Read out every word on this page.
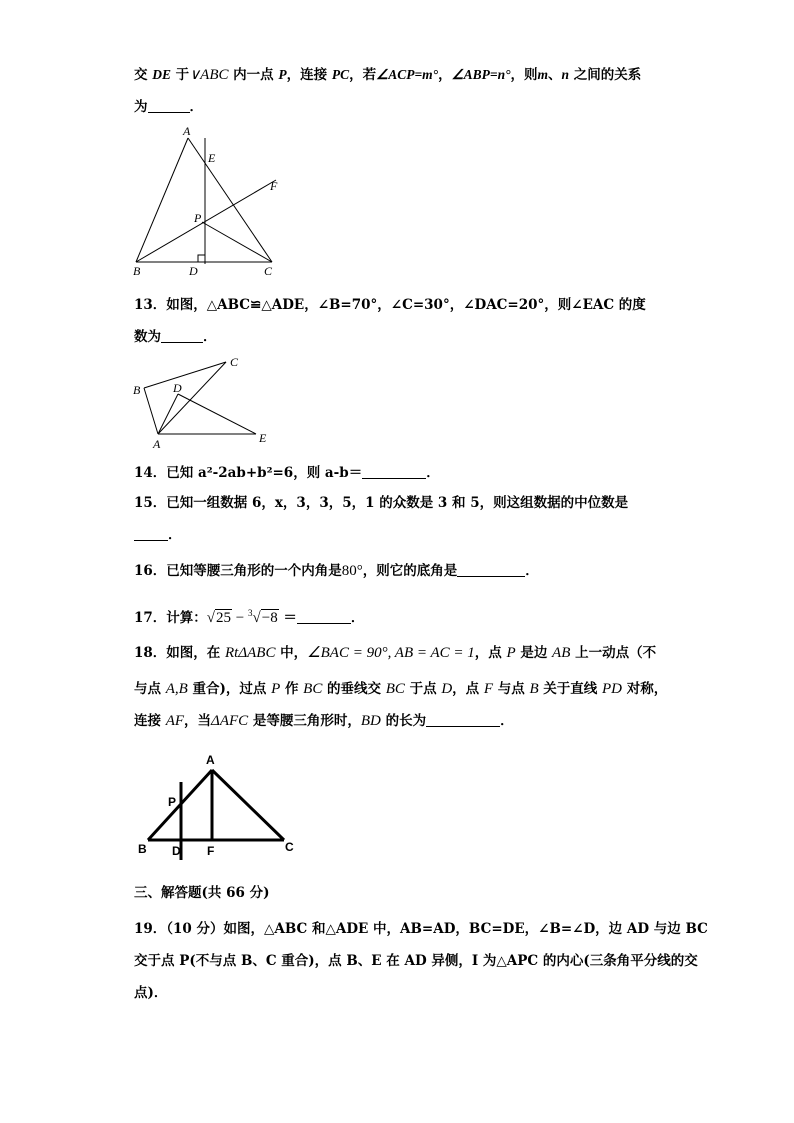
交 DE 于∨ABC 内一点 P，连接 PC，若∠ACP=m°，∠ABP=n°，则m、n 之间的关系
为	．
A
E
F
P
B	D	C
13．如图，△ABC≌△ADE，∠B=70°，∠C=30°，∠DAC=20°，则∠EAC 的度
数为	．
C
B	D
A	E
14．已知 a²-2ab+b²=6，则 a-b＝	．
15．已知一组数据 6，x，3，3，5，1 的众数是 3 和 5，则这组数据的中位数是
．
16．已知等腰三角形的一个内角是80°，则它的底角是	．
17．计算：√25 − $^3$√−8 ＝	．
18．如图，在 RtΔABC 中，∠BAC = 90°, AB = AC = 1，点 P 是边 AB 上一动点（不
与点 A,B 重合)，过点 P 作 BC 的垂线交 BC 于点 D，点 F 与点 B 关于直线 PD 对称，
连接 AF，当ΔAFC 是等腰三角形时，BD 的长为	．
A
P
B D F	C
三、解答题(共 66 分)
19．（10 分）如图，△ABC 和△ADE 中，AB=AD，BC=DE，∠B=∠D，边 AD 与边 BC
交于点 P(不与点 B、C 重合)，点 B、E 在 AD 异侧，I 为△APC 的内心(三条角平分线的交
点)．
